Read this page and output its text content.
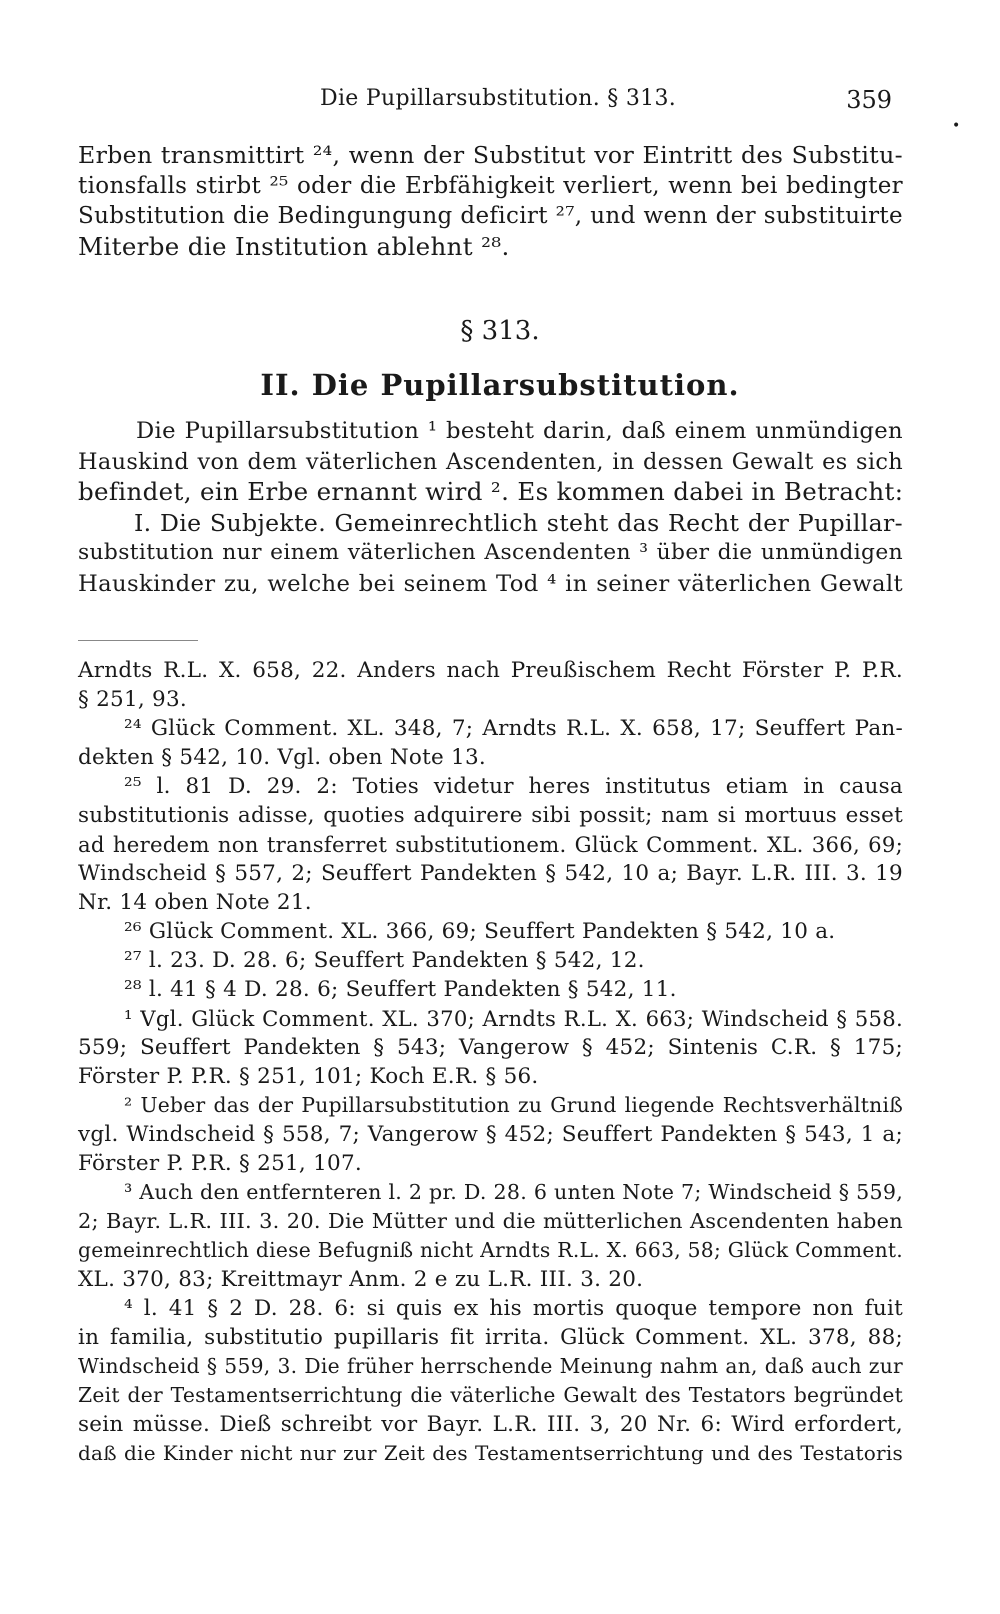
Die Pupillarsubstitution. § 313.	359
•
Erben transmittirt ²⁴, wenn der Substitut vor Eintritt des Substitu-
tionsfalls stirbt ²⁵ oder die Erbfähigkeit verliert, wenn bei bedingter
Substitution die Bedingungung deficirt ²⁷, und wenn der substituirte
Miterbe die Institution ablehnt ²⁸.
§ 313.
II. Die Pupillarsubstitution.
Die Pupillarsubstitution ¹ besteht darin, daß einem unmündigen
Hauskind von dem väterlichen Ascendenten, in dessen Gewalt es sich
befindet, ein Erbe ernannt wird ². Es kommen dabei in Betracht:
I. Die Subjekte. Gemeinrechtlich steht das Recht der Pupillar-
substitution nur einem väterlichen Ascendenten ³ über die unmündigen
Hauskinder zu, welche bei seinem Tod ⁴ in seiner väterlichen Gewalt
Arndts R.L. X. 658, 22. Anders nach Preußischem Recht Förster P. P.R.
§ 251, 93.
²⁴ Glück Comment. XL. 348, 7; Arndts R.L. X. 658, 17; Seuffert Pan-
dekten § 542, 10. Vgl. oben Note 13.
²⁵ l. 81 D. 29. 2: Toties videtur heres institutus etiam in causa
substitutionis adisse, quoties adquirere sibi possit; nam si mortuus esset
ad heredem non transferret substitutionem. Glück Comment. XL. 366, 69;
Windscheid § 557, 2; Seuffert Pandekten § 542, 10 a; Bayr. L.R. III. 3. 19
Nr. 14 oben Note 21.
²⁶ Glück Comment. XL. 366, 69; Seuffert Pandekten § 542, 10 a.
²⁷ l. 23. D. 28. 6; Seuffert Pandekten § 542, 12.
²⁸ l. 41 § 4 D. 28. 6; Seuffert Pandekten § 542, 11.
¹ Vgl. Glück Comment. XL. 370; Arndts R.L. X. 663; Windscheid § 558.
559; Seuffert Pandekten § 543; Vangerow § 452; Sintenis C.R. § 175;
Förster P. P.R. § 251, 101; Koch E.R. § 56.
² Ueber das der Pupillarsubstitution zu Grund liegende Rechtsverhältniß
vgl. Windscheid § 558, 7; Vangerow § 452; Seuffert Pandekten § 543, 1 a;
Förster P. P.R. § 251, 107.
³ Auch den entfernteren l. 2 pr. D. 28. 6 unten Note 7; Windscheid § 559,
2; Bayr. L.R. III. 3. 20. Die Mütter und die mütterlichen Ascendenten haben
gemeinrechtlich diese Befugniß nicht Arndts R.L. X. 663, 58; Glück Comment.
XL. 370, 83; Kreittmayr Anm. 2 e zu L.R. III. 3. 20.
⁴ l. 41 § 2 D. 28. 6: si quis ex his mortis quoque tempore non fuit
in familia, substitutio pupillaris fit irrita. Glück Comment. XL. 378, 88;
Windscheid § 559, 3. Die früher herrschende Meinung nahm an, daß auch zur
Zeit der Testamentserrichtung die väterliche Gewalt des Testators begründet
sein müsse. Dieß schreibt vor Bayr. L.R. III. 3, 20 Nr. 6: Wird erfordert,
daß die Kinder nicht nur zur Zeit des Testamentserrichtung und des Testatoris
